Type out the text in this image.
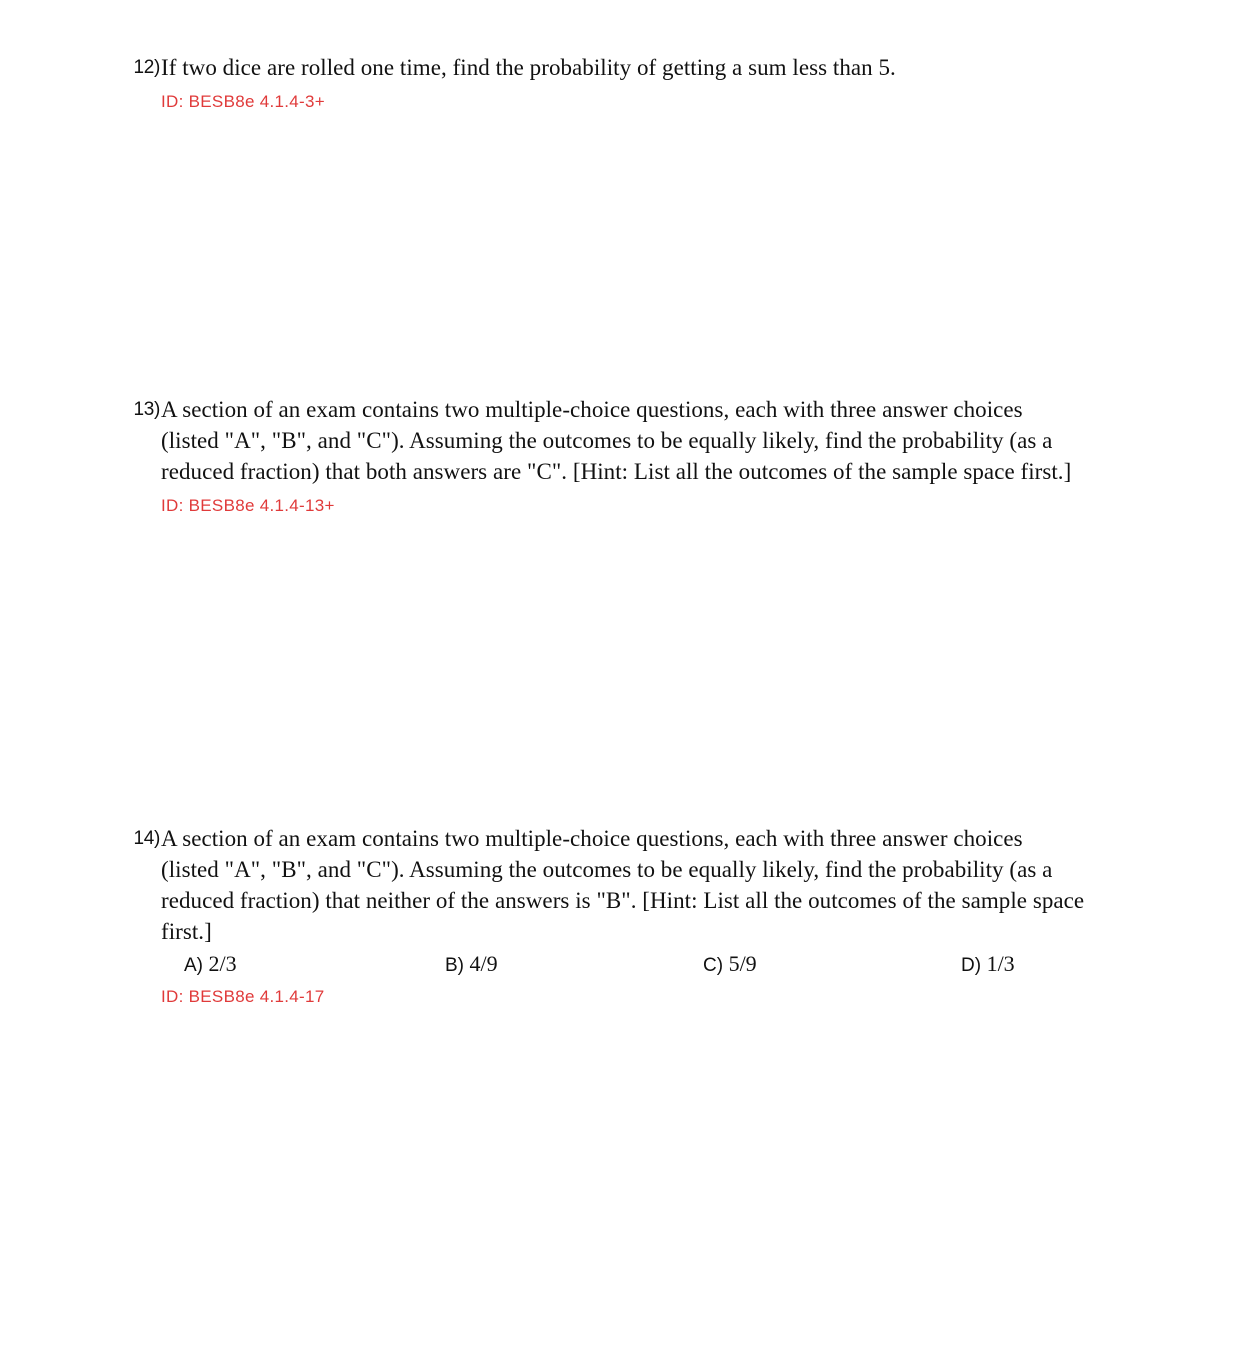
12) If two dice are rolled one time, find the probability of getting a sum less than 5.
ID: BESB8e 4.1.4-3+
13) A section of an exam contains two multiple-choice questions, each with three answer choices
(listed "A", "B", and "C"). Assuming the outcomes to be equally likely, find the probability (as a
reduced fraction) that both answers are "C". [Hint: List all the outcomes of the sample space first.]
ID: BESB8e 4.1.4-13+
14) A section of an exam contains two multiple-choice questions, each with three answer choices
(listed "A", "B", and "C"). Assuming the outcomes to be equally likely, find the probability (as a
reduced fraction) that neither of the answers is "B". [Hint: List all the outcomes of the sample space
first.]
A) 2/3	B) 4/9	C) 5/9	D) 1/3
ID: BESB8e 4.1.4-17
